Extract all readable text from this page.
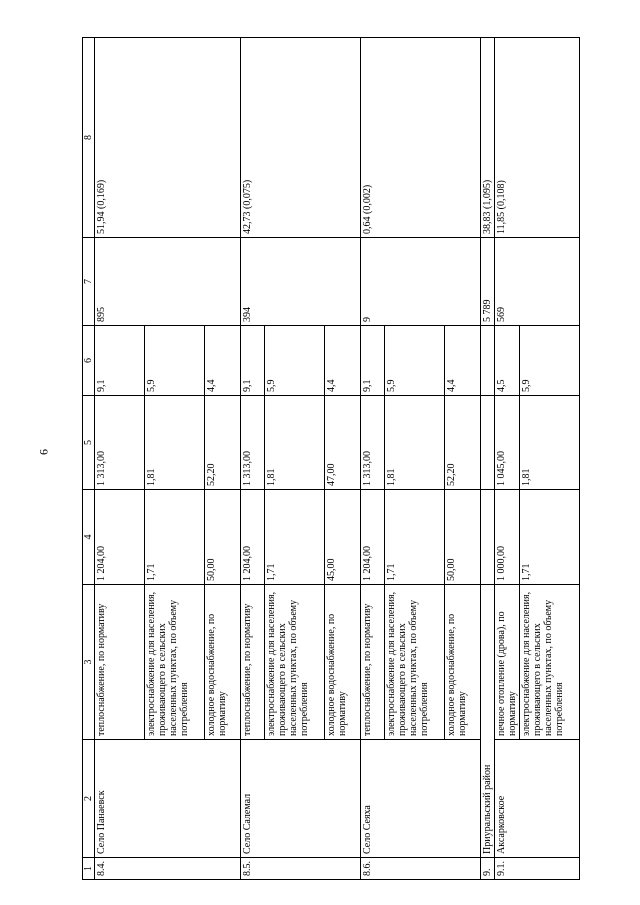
6
1	2	3	4	5	6	7	8
8.4.	Село Панаевск	теплоснабжение, по нормативу	1 204,00	1 313,00	9,1	895	51,94 (0,169)
		электроснабжение для населения, проживающего в сельских населенных пунктах, по объему потребления	1,71	1,81	5,9		
		холодное водоснабжение, по нормативу	50,00	52,20	4,4		
8.5.	Село Салемал	теплоснабжение, по нормативу	1 204,00	1 313,00	9,1	394	42,73 (0,075)
		электроснабжение для населения, проживающего в сельских населенных пунктах, по объему потребления	1,71	1,81	5,9		
		холодное водоснабжение, по нормативу	45,00	47,00	4,4		
8.6.	Село Сеяха	теплоснабжение, по нормативу	1 204,00	1 313,00	9,1	9	0,64 (0,002)
		электроснабжение для населения, проживающего в сельских населенных пунктах, по объему потребления	1,71	1,81	5,9		
		холодное водоснабжение, по нормативу	50,00	52,20	4,4		
9.	Приуральский район					5 789	38,83 (1,095)
9.1.	Аксарковское	печное отопление (дрова), по нормативу	1 000,00	1 045,00	4,5	569	11,85 (0,108)
		электроснабжение для населения, проживающего в сельских населенных пунктах, по объему потребления	1,71	1,81	5,9		
